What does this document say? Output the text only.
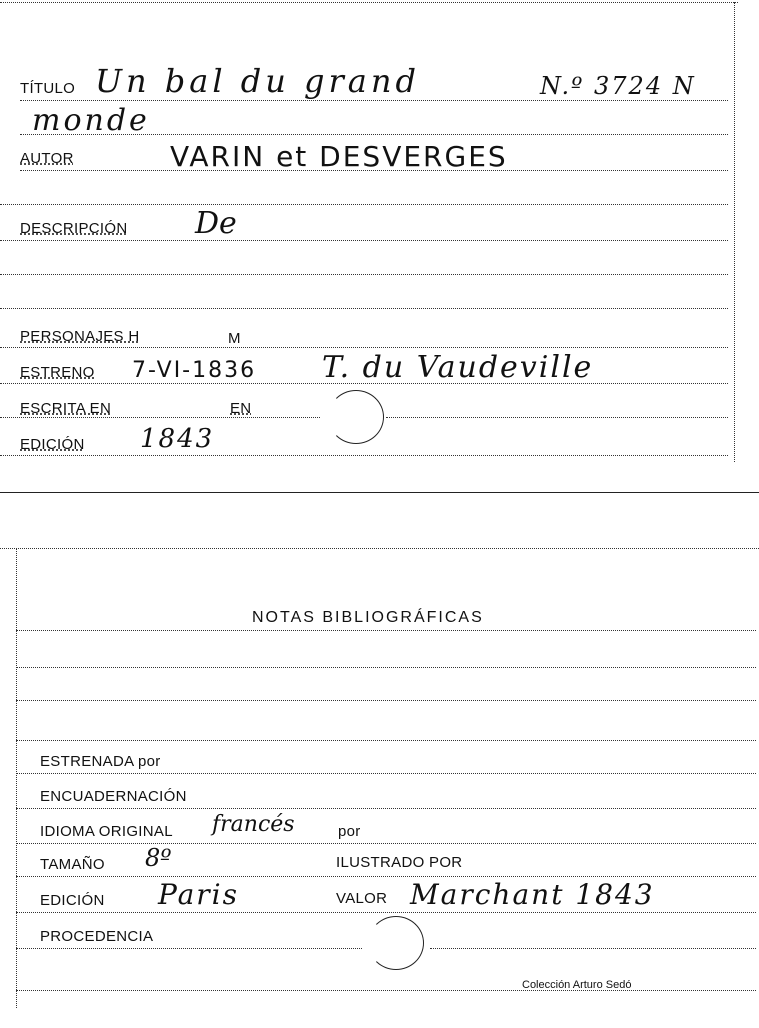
TÍTULO Un bal du grand	N.º 3724 N
monde
AUTOR	VARIN et DESVERGES
DESCRIPCIÓN De
PERSONAJES H	M
ESTRENO 7-VI-1836 T. du Vaudeville
ESCRITA EN	EN
EDICIÓN 1843
NOTAS BIBLIOGRÁFICAS
ESTRENADA por
ENCUADERNACIÓN
IDIOMA ORIGINAL francés	por
TAMAÑO 8º	ILUSTRADO POR
EDICIÓN Paris	VALOR Marchant 1843
PROCEDENCIA
Colección Arturo Sedó
